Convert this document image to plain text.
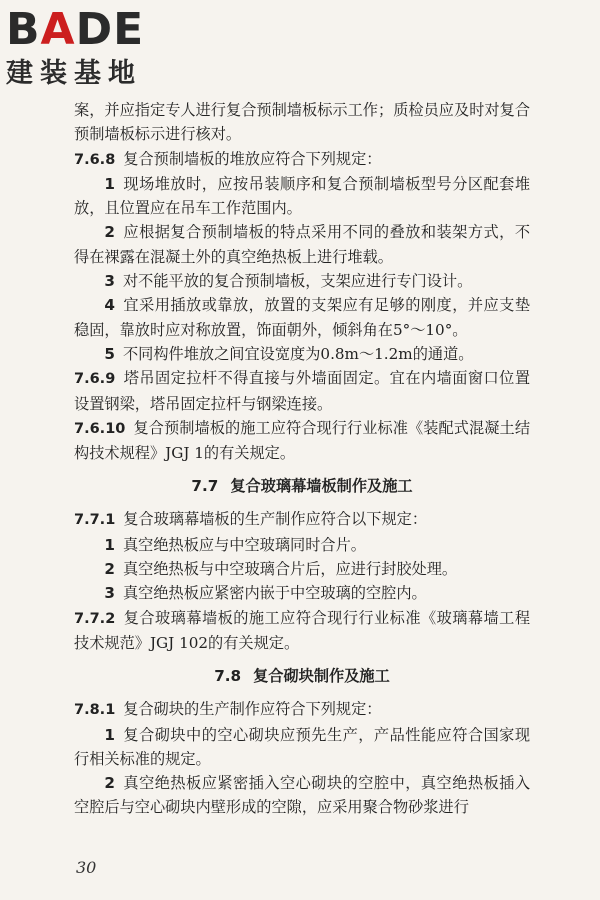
BADE
建装基地

案，并应指定专人进行复合预制墙板标示工作；质检员应及时对复合预制墙板标示进行核对。

7.6.8 复合预制墙板的堆放应符合下列规定：

1 现场堆放时，应按吊装顺序和复合预制墙板型号分区配套堆放，且位置应在吊车工作范围内。

2 应根据复合预制墙板的特点采用不同的叠放和装架方式，不得在裸露在混凝土外的真空绝热板上进行堆载。

3 对不能平放的复合预制墙板，支架应进行专门设计。

4 宜采用插放或靠放，放置的支架应有足够的刚度，并应支垫稳固，靠放时应对称放置，饰面朝外，倾斜角在5°～10°。

5 不同构件堆放之间宜设宽度为0.8m～1.2m的通道。

7.6.9 塔吊固定拉杆不得直接与外墙面固定。宜在内墙面窗口位置设置钢梁，塔吊固定拉杆与钢梁连接。

7.6.10 复合预制墙板的施工应符合现行行业标准《装配式混凝土结构技术规程》JGJ 1的有关规定。

7.7 复合玻璃幕墙板制作及施工

7.7.1 复合玻璃幕墙板的生产制作应符合以下规定：

1 真空绝热板应与中空玻璃同时合片。

2 真空绝热板与中空玻璃合片后，应进行封胶处理。

3 真空绝热板应紧密内嵌于中空玻璃的空腔内。

7.7.2 复合玻璃幕墙板的施工应符合现行行业标准《玻璃幕墙工程技术规范》JGJ 102的有关规定。

7.8 复合砌块制作及施工

7.8.1 复合砌块的生产制作应符合下列规定：

1 复合砌块中的空心砌块应预先生产，产品性能应符合国家现行相关标准的规定。

2 真空绝热板应紧密插入空心砌块的空腔中，真空绝热板插入空腔后与空心砌块内壁形成的空隙，应采用聚合物砂浆进行

30
